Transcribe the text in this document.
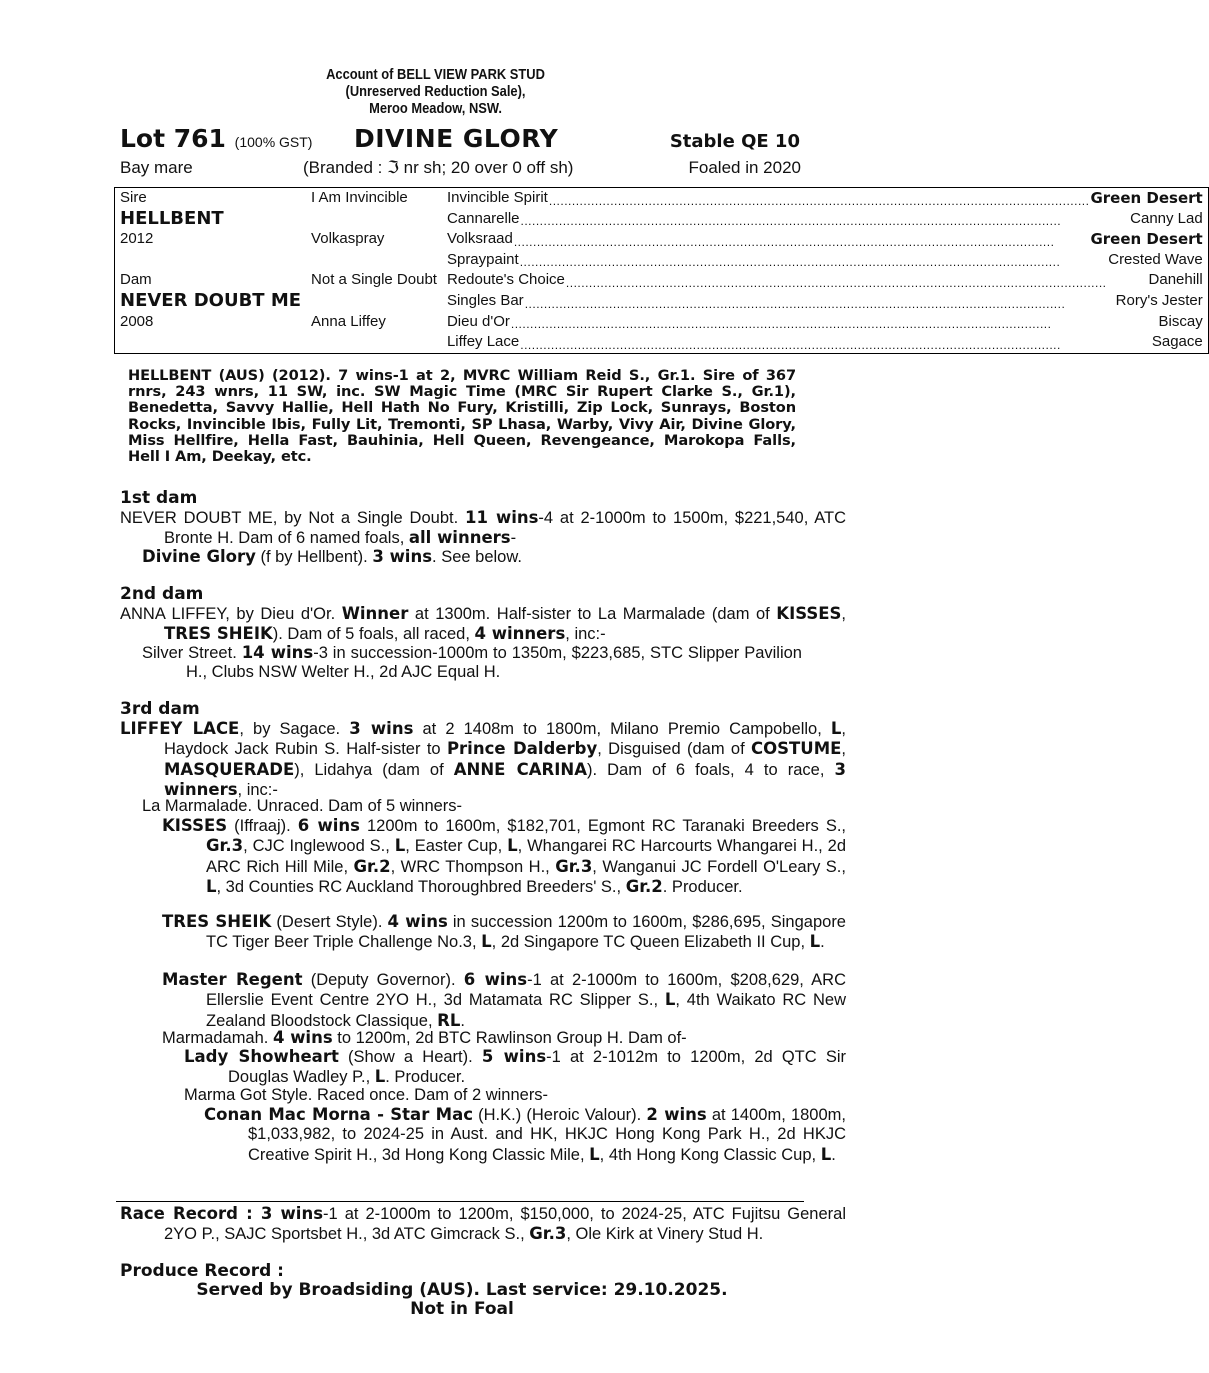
Account of BELL VIEW PARK STUD
(Unreserved Reduction Sale),
Meroo Meadow, NSW.
Lot 761 (100% GST) DIVINE GLORY	Stable QE 10
Bay mare	(Branded : ℑ nr sh; 20 over 0 off sh)	Foaled in 2020
Sire	I Am Invincible	Invincible Spirit ..... Green Desert

HELLBENT		Cannarelle ..... Canny Lad

2012	Volkaspray	Volksraad ..... Green Desert

		Spraypaint ..... Crested Wave

Dam	Not a Single Doubt	Redoute's Choice ..... Danehill

NEVER DOUBT ME		Singles Bar ..... Rory's Jester

2008	Anna Liffey	Dieu d'Or ..... Biscay

		Liffey Lace ..... Sagace
HELLBENT (AUS) (2012). 7 wins-1 at 2, MVRC William Reid S., Gr.1. Sire of 367 rnrs, 243 wnrs, 11 SW, inc. SW Magic Time (MRC Sir Rupert Clarke S., Gr.1), Benedetta, Savvy Hallie, Hell Hath No Fury, Kristilli, Zip Lock, Sunrays, Boston Rocks, Invincible Ibis, Fully Lit, Tremonti, SP Lhasa, Warby, Vivy Air, Divine Glory, Miss Hellfire, Hella Fast, Bauhinia, Hell Queen, Revengeance, Marokopa Falls, Hell I Am, Deekay, etc.
1st dam
NEVER DOUBT ME, by Not a Single Doubt. 11 wins-4 at 2-1000m to 1500m, $221,540, ATC Bronte H. Dam of 6 named foals, all winners-
Divine Glory (f by Hellbent). 3 wins. See below.
2nd dam
ANNA LIFFEY, by Dieu d'Or. Winner at 1300m. Half-sister to La Marmalade (dam of KISSES, TRES SHEIK). Dam of 5 foals, all raced, 4 winners, inc:-
Silver Street. 14 wins-3 in succession-1000m to 1350m, $223,685, STC Slipper Pavilion H., Clubs NSW Welter H., 2d AJC Equal H.
3rd dam
LIFFEY LACE, by Sagace. 3 wins at 2 1408m to 1800m, Milano Premio Campobello, L, Haydock Jack Rubin S. Half-sister to Prince Dalderby, Disguised (dam of COSTUME, MASQUERADE), Lidahya (dam of ANNE CARINA). Dam of 6 foals, 4 to race, 3 winners, inc:-
La Marmalade. Unraced. Dam of 5 winners-
KISSES (Iffraaj). 6 wins 1200m to 1600m, $182,701, Egmont RC Taranaki Breeders S., Gr.3, CJC Inglewood S., L, Easter Cup, L, Whangarei RC Harcourts Whangarei H., 2d ARC Rich Hill Mile, Gr.2, WRC Thompson H., Gr.3, Wanganui JC Fordell O'Leary S., L, 3d Counties RC Auckland Thoroughbred Breeders' S., Gr.2. Producer.
TRES SHEIK (Desert Style). 4 wins in succession 1200m to 1600m, $286,695, Singapore TC Tiger Beer Triple Challenge No.3, L, 2d Singapore TC Queen Elizabeth II Cup, L.
Master Regent (Deputy Governor). 6 wins-1 at 2-1000m to 1600m, $208,629, ARC Ellerslie Event Centre 2YO H., 3d Matamata RC Slipper S., L, 4th Waikato RC New Zealand Bloodstock Classique, RL.
Marmadamah. 4 wins to 1200m, 2d BTC Rawlinson Group H. Dam of-
Lady Showheart (Show a Heart). 5 wins-1 at 2-1012m to 1200m, 2d QTC Sir Douglas Wadley P., L. Producer.
Marma Got Style. Raced once. Dam of 2 winners-
Conan Mac Morna - Star Mac (H.K.) (Heroic Valour). 2 wins at 1400m, 1800m, $1,033,982, to 2024-25 in Aust. and HK, HKJC Hong Kong Park H., 2d HKJC Creative Spirit H., 3d Hong Kong Classic Mile, L, 4th Hong Kong Classic Cup, L.
Race Record : 3 wins-1 at 2-1000m to 1200m, $150,000, to 2024-25, ATC Fujitsu General 2YO P., SAJC Sportsbet H., 3d ATC Gimcrack S., Gr.3, Ole Kirk at Vinery Stud H.
Produce Record :
Served by Broadsiding (AUS). Last service: 29.10.2025.
Not in Foal
